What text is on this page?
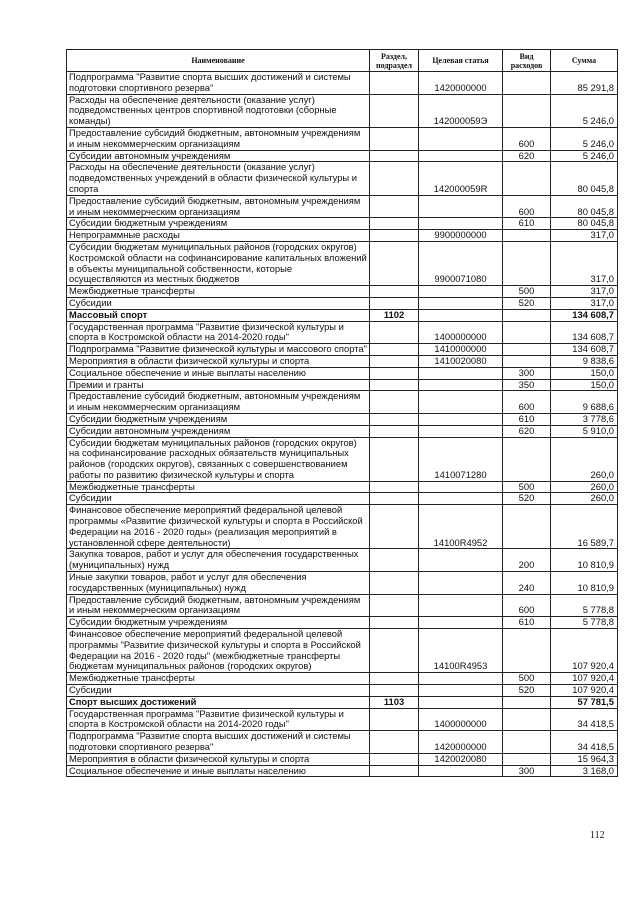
Наименование	Раздел, подраздел	Целевая статья	Вид расходов	Сумма
Подпрограмма "Развитие спорта высших достижений и системы подготовки спортивного резерва"		1420000000		85 291,8
Расходы на обеспечение деятельности (оказание услуг) подведомственных центров спортивной подготовки (сборные команды)		142000059Э		5 246,0
Предоставление субсидий бюджетным, автономным учреждениям и иным некоммерческим организациям			600	5 246,0
Субсидии автономным учреждениям			620	5 246,0
Расходы на обеспечение деятельности (оказание услуг) подведомственных учреждений в области физической культуры и спорта		142000059R		80 045,8
Предоставление субсидий бюджетным, автономным учреждениям и иным некоммерческим организациям			600	80 045,8
Субсидии бюджетным учреждениям			610	80 045,8
Непрограммные расходы		9900000000		317,0
Субсидии бюджетам муниципальных районов (городских округов) Костромской области на софинансирование капитальных вложений в объекты муниципальной собственности, которые осуществляются из местных бюджетов		9900071080		317,0
Межбюджетные трансферты			500	317,0
Субсидии			520	317,0
Массовый спорт	1102			134 608,7
Государственная программа "Развитие физической культуры и спорта в Костромской области на 2014-2020 годы"		1400000000		134 608,7
Подпрограмма "Развитие физической культуры и массового спорта"		1410000000		134 608,7
Мероприятия в области физической культуры и спорта		1410020080		9 838,6
Социальное обеспечение и иные выплаты населению			300	150,0
Премии и гранты			350	150,0
Предоставление субсидий бюджетным, автономным учреждениям и иным некоммерческим организациям			600	9 688,6
Субсидии бюджетным учреждениям			610	3 778,6
Субсидии автономным учреждениям			620	5 910,0
Субсидии бюджетам муниципальных районов (городских округов) на софинансирование расходных обязательств муниципальных районов (городских округов), связанных с совершенствованием работы по развитию физической культуры и спорта		1410071280		260,0
Межбюджетные трансферты			500	260,0
Субсидии			520	260,0
Финансовое обеспечение мероприятий федеральной целевой программы «Развитие физической культуры и спорта в Российской Федерации на 2016 - 2020 годы» (реализация мероприятий в установленной сфере деятельности)		14100R4952		16 589,7
Закупка товаров, работ и услуг для обеспечения государственных (муниципальных) нужд			200	10 810,9
Иные закупки товаров, работ и услуг для обеспечения государственных (муниципальных) нужд			240	10 810,9
Предоставление субсидий бюджетным, автономным учреждениям и иным некоммерческим организациям			600	5 778,8
Субсидии бюджетным учреждениям			610	5 778,8
Финансовое обеспечение мероприятий федеральной целевой программы "Развитие физической культуры и спорта в Российской Федерации на 2016 - 2020 годы" (межбюджетные трансферты бюджетам муниципальных районов (городских округов)		14100R4953		107 920,4
Межбюджетные трансферты			500	107 920,4
Субсидии			520	107 920,4
Спорт высших достижений	1103			57 781,5
Государственная программа "Развитие физической культуры и спорта в Костромской области на 2014-2020 годы"		1400000000		34 418,5
Подпрограмма "Развитие спорта высших достижений и системы подготовки спортивного резерва"		1420000000		34 418,5
Мероприятия в области физической культуры и спорта		1420020080		15 964,3
Социальное обеспечение и иные выплаты населению			300	3 168,0
112
